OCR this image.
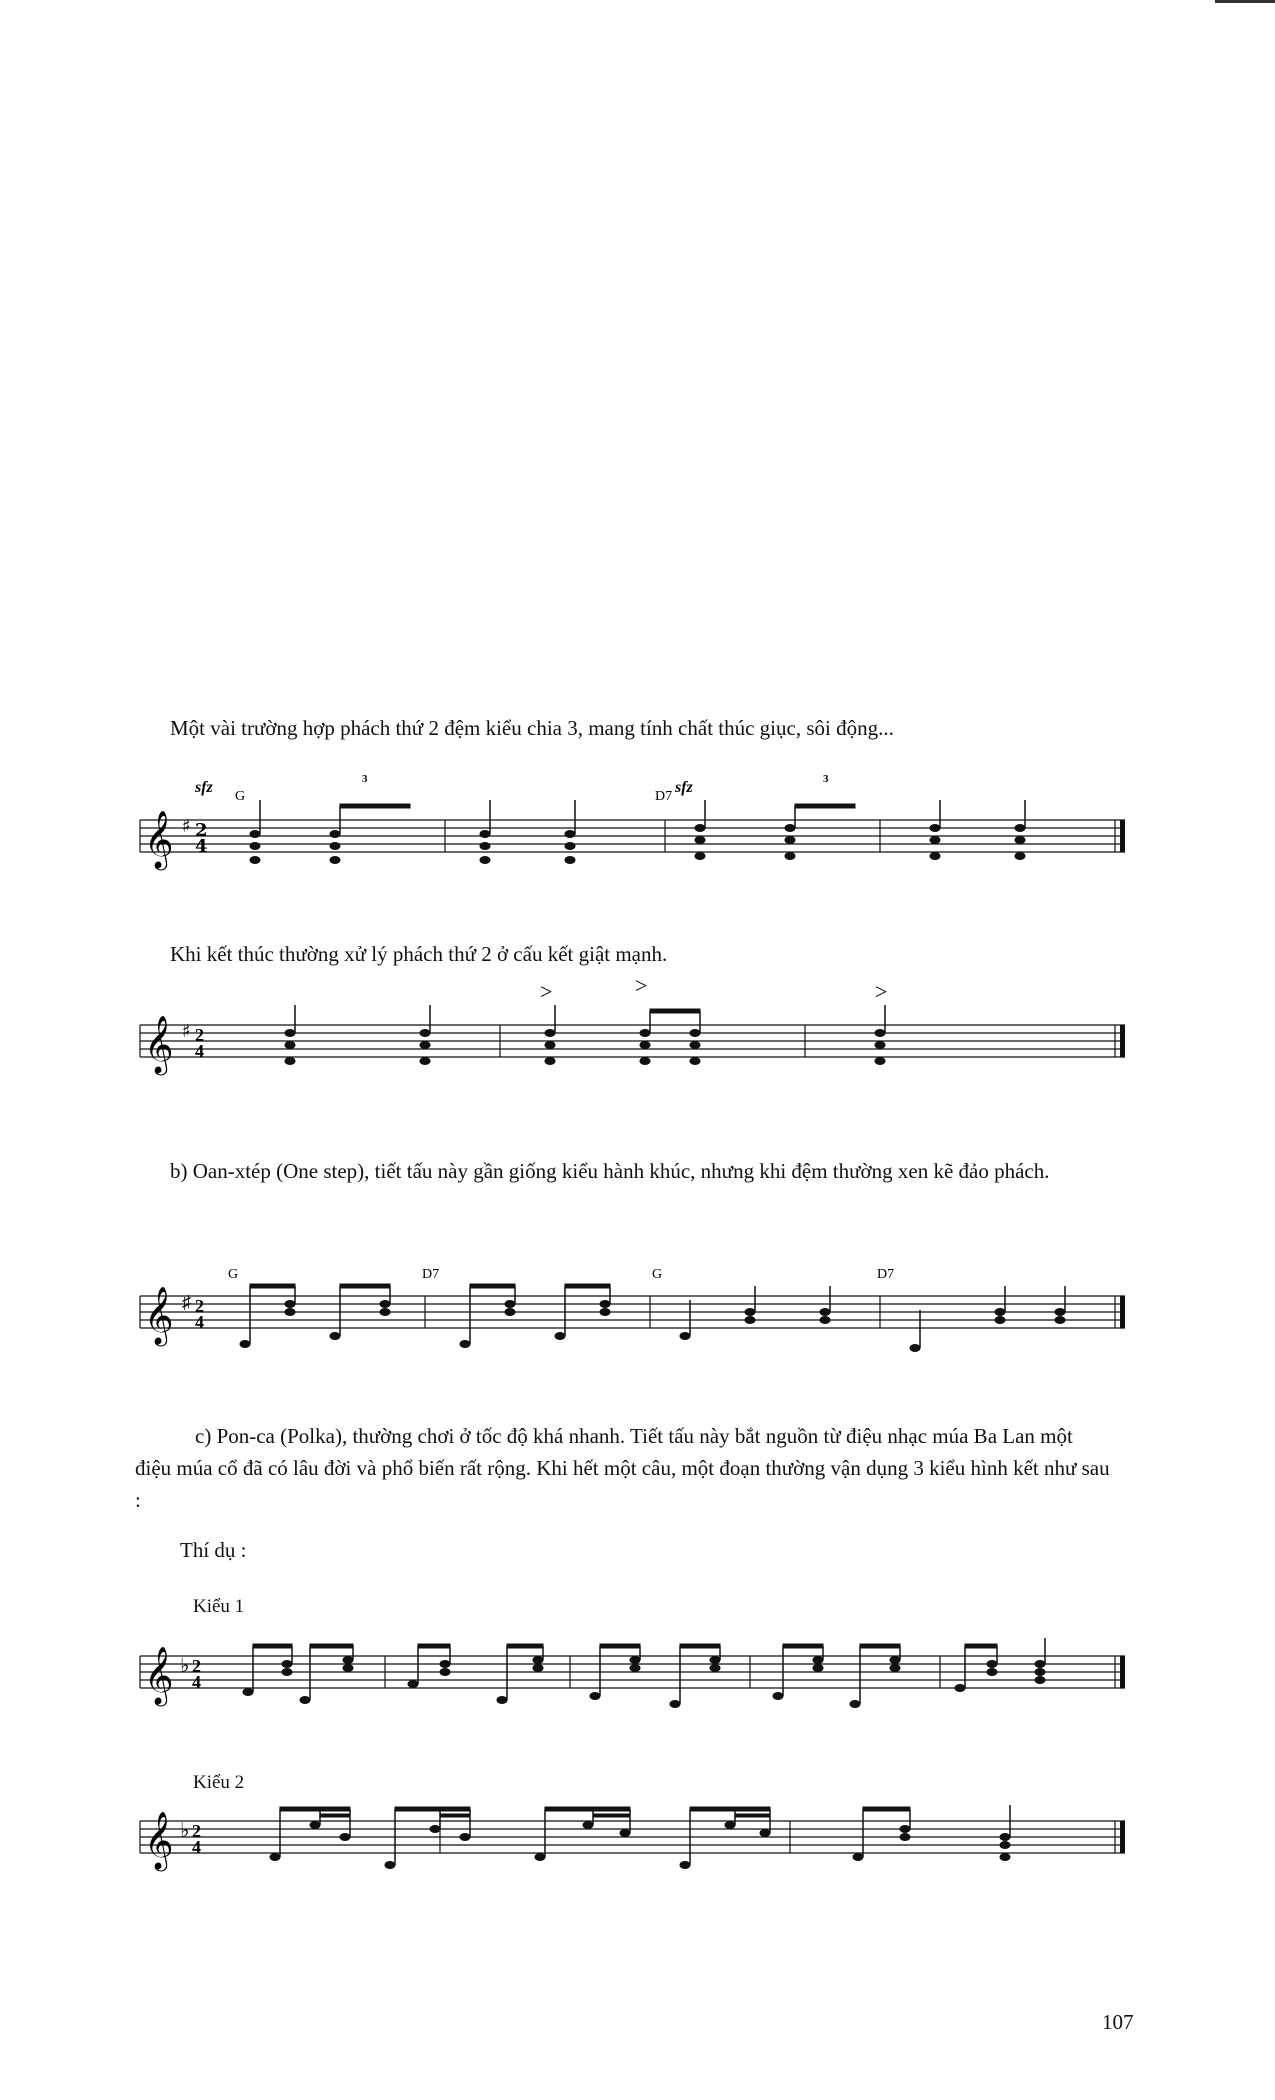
Một vài trường hợp phách thứ 2 đệm kiểu chia 3, mang tính chất thúc giục, sôi động...
𝄞 ♯ 2
4
sfz
G
sfz
D7
3	3
Khi kết thúc thường xử lý phách thứ 2 ở cấu kết giật mạnh.
𝄞 ♯ 2
4
>	>	>
b) Oan-xtép (One step), tiết tấu này gần giống kiểu hành khúc, nhưng khi đệm thường xen kẽ đảo phách.
𝄞 ♯ 2
4
G	D7	G	D7
c) Pon-ca (Polka), thường chơi ở tốc độ khá nhanh. Tiết tấu này bắt nguồn từ điệu nhạc múa Ba Lan một điệu múa cổ đã có lâu đời và phổ biến rất rộng. Khi hết một câu, một đoạn thường vận dụng 3 kiểu hình kết như sau :
Thí dụ :
Kiểu 1
𝄞 ♭ 2
4
Kiểu 2
𝄞 ♭ 2
4
107
